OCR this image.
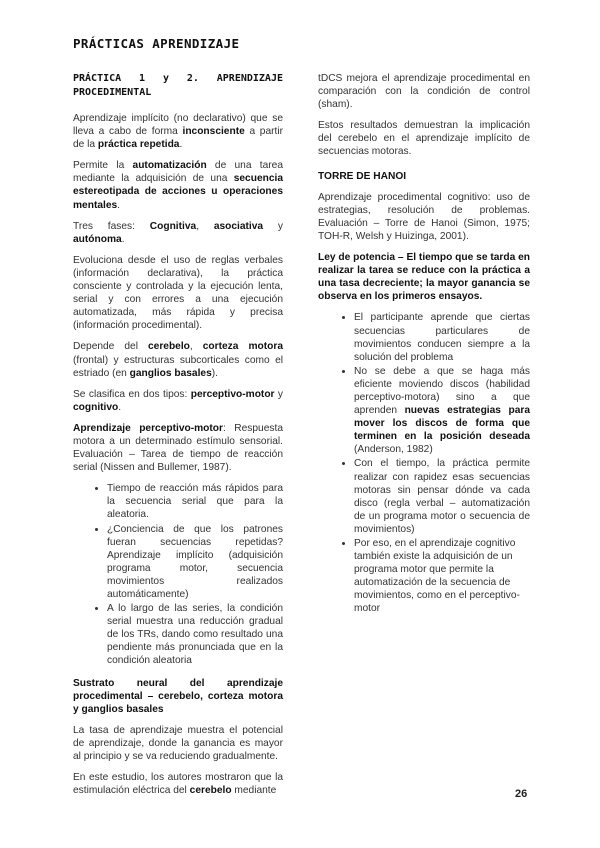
PRÁCTICAS APRENDIZAJE
PRÁCTICA 1 y 2. APRENDIZAJE PROCEDIMENTAL

Aprendizaje implícito (no declarativo) que se lleva a cabo de forma inconsciente a partir de la práctica repetida.

Permite la automatización de una tarea mediante la adquisición de una secuencia estereotipada de acciones u operaciones mentales.

Tres fases: Cognitiva, asociativa y autónoma.

Evoluciona desde el uso de reglas verbales (información declarativa), la práctica consciente y controlada y la ejecución lenta, serial y con errores a una ejecución automatizada, más rápida y precisa (información procedimental).

Depende del cerebelo, corteza motora (frontal) y estructuras subcorticales como el estriado (en ganglios basales).

Se clasifica en dos tipos: perceptivo-motor y cognitivo.

Aprendizaje perceptivo-motor: Respuesta motora a un determinado estímulo sensorial. Evaluación – Tarea de tiempo de reacción serial (Nissen and Bullemer, 1987).

• Tiempo de reacción más rápidos para la secuencia serial que para la aleatoria.
• ¿Conciencia de que los patrones fueran secuencias repetidas? Aprendizaje implícito (adquisición programa motor, secuencia movimientos realizados automáticamente)
• A lo largo de las series, la condición serial muestra una reducción gradual de los TRs, dando como resultado una pendiente más pronunciada que en la condición aleatoria

Sustrato neural del aprendizaje procedimental – cerebelo, corteza motora y ganglios basales

La tasa de aprendizaje muestra el potencial de aprendizaje, donde la ganancia es mayor al principio y se va reduciendo gradualmente.

En este estudio, los autores mostraron que la estimulación eléctrica del cerebelo mediante

tDCS mejora el aprendizaje procedimental en comparación con la condición de control (sham).

Estos resultados demuestran la implicación del cerebelo en el aprendizaje implícito de secuencias motoras.

TORRE DE HANOI

Aprendizaje procedimental cognitivo: uso de estrategias, resolución de problemas. Evaluación – Torre de Hanoi (Simon, 1975; TOH-R, Welsh y Huizinga, 2001).

Ley de potencia – El tiempo que se tarda en realizar la tarea se reduce con la práctica a una tasa decreciente; la mayor ganancia se observa en los primeros ensayos.

• El participante aprende que ciertas secuencias particulares de movimientos conducen siempre a la solución del problema
• No se debe a que se haga más eficiente moviendo discos (habilidad perceptivo-motora) sino a que aprenden nuevas estrategias para mover los discos de forma que terminen en la posición deseada (Anderson, 1982)
• Con el tiempo, la práctica permite realizar con rapidez esas secuencias motoras sin pensar dónde va cada disco (regla verbal – automatización de un programa motor o secuencia de movimientos)
• Por eso, en el aprendizaje cognitivo también existe la adquisición de un programa motor que permite la automatización de la secuencia de movimientos, como en el perceptivo-motor
26
